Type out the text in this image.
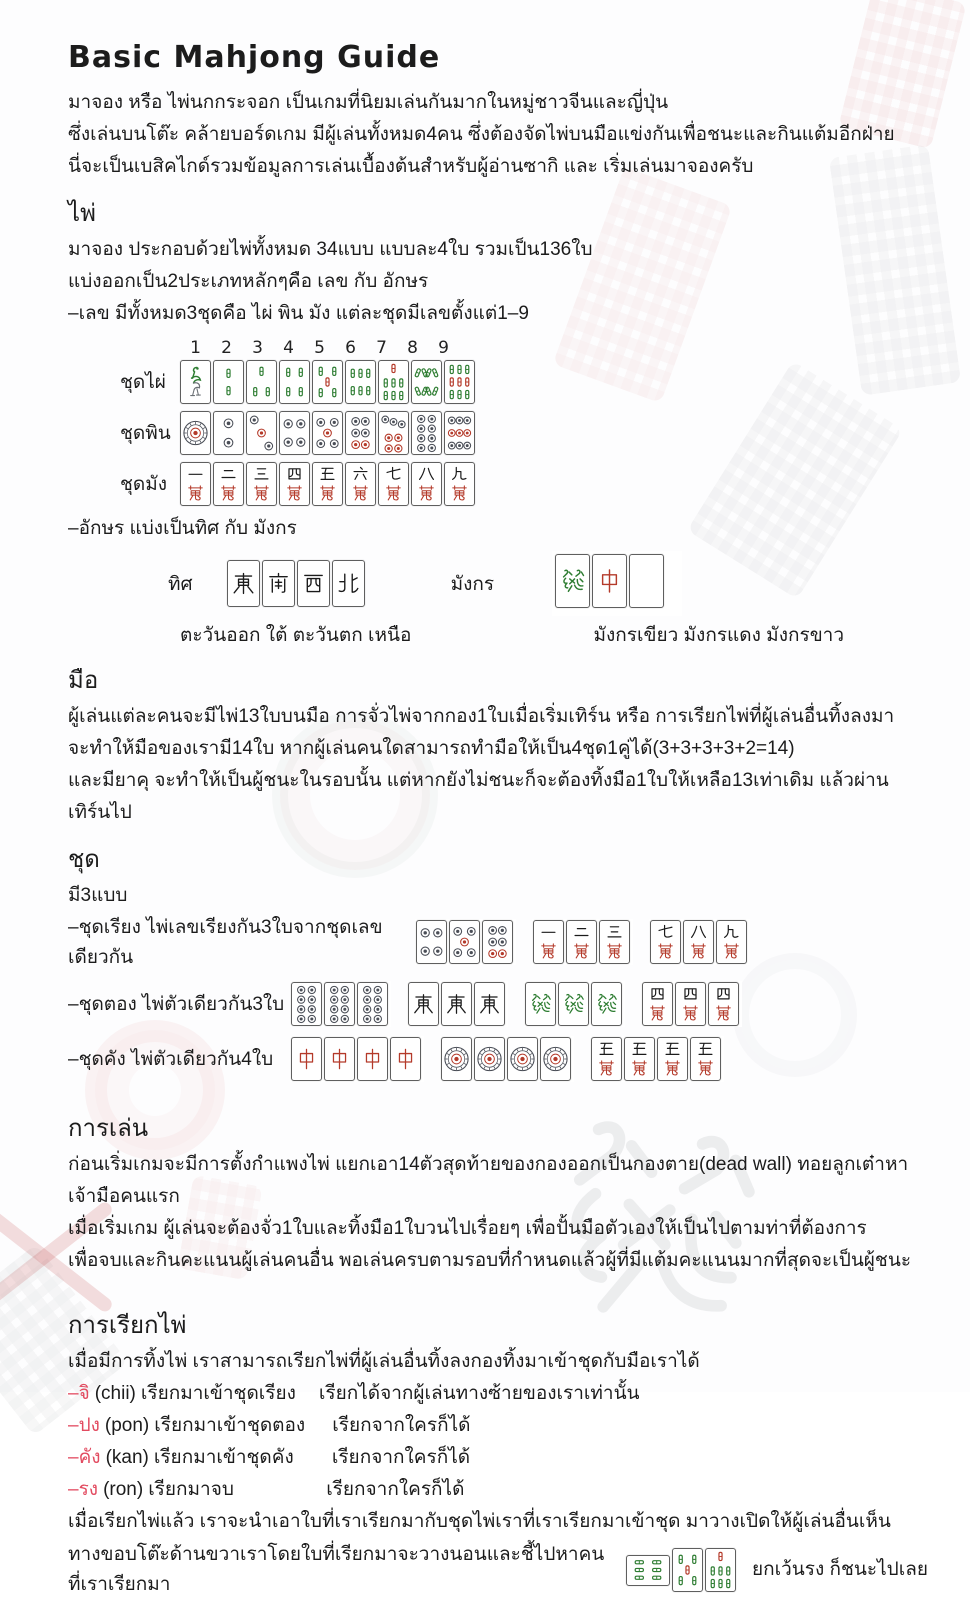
Basic Mahjong Guide

มาจอง หรือ ไพ่นกกระจอก เป็นเกมที่นิยมเล่นกันมากในหมู่ชาวจีนและญี่ปุ่น

ซึ่งเล่นบนโต๊ะ คล้ายบอร์ดเกม มีผู้เล่นทั้งหมด4คน ซึ่งต้องจัดไพ่บนมือแข่งกันเพื่อชนะและกินแต้มอีกฝ่าย

นี่จะเป็นเบสิคไกด์รวมข้อมูลการเล่นเบื้องต้นสำหรับผู้อ่านซากิ และ เริ่มเล่นมาจองครับ

ไพ่

มาจอง ประกอบด้วยไพ่ทั้งหมด 34แบบ แบบละ4ใบ รวมเป็น136ใบ

แบ่งออกเป็น2ประเภทหลักๆคือ เลข กับ อักษร

–เลข มีทั้งหมด3ชุดคือ ไผ่ พิน มัง แต่ละชุดมีเลขตั้งแต่1–9

1	2	3	4	5	6	7	8	9
ชุดไผ่
ชุดพิน
ชุดมัง

–อักษร แบ่งเป็นทิศ กับ มังกร

ทิศ	มังกร
ตะวันออก ใต้ ตะวันตก เหนือ	มังกรเขียว มังกรแดง มังกรขาว
มือ

ผู้เล่นแต่ละคนจะมีไพ่13ใบบนมือ การจั่วไพ่จากกอง1ใบเมื่อเริ่มเทิร์น หรือ การเรียกไพ่ที่ผู้เล่นอื่นทิ้งลงมา

จะทำให้มือของเรามี14ใบ หากผู้เล่นคนใดสามารถทำมือให้เป็น4ชุด1คู่ได้(3+3+3+3+2=14)

และมียาคุ จะทำให้เป็นผู้ชนะในรอบนั้น แต่หากยังไม่ชนะก็จะต้องทิ้งมือ1ใบให้เหลือ13เท่าเดิม แล้วผ่านเทิร์นไป

ชุด

มี3แบบ

–ชุดเรียง ไพ่เลขเรียงกัน3ใบจากชุดเลขเดียวกัน
–ชุดตอง ไพ่ตัวเดียวกัน3ใบ
–ชุดคัง ไพ่ตัวเดียวกัน4ใบ
การเล่น

ก่อนเริ่มเกมจะมีการตั้งกำแพงไพ่ แยกเอา14ตัวสุดท้ายของกองออกเป็นกองตาย(dead wall) ทอยลูกเต๋าหาเจ้ามือคนแรก

เมื่อเริ่มเกม ผู้เล่นจะต้องจั่ว1ใบและทิ้งมือ1ใบวนไปเรื่อยๆ เพื่อปั้นมือตัวเองให้เป็นไปตามท่าที่ต้องการ

เพื่อจบและกินคะแนนผู้เล่นคนอื่น พอเล่นครบตามรอบที่กำหนดแล้วผู้ที่มีแต้มคะแนนมากที่สุดจะเป็นผู้ชนะ

การเรียกไพ่

เมื่อมีการทิ้งไพ่ เราสามารถเรียกไพ่ที่ผู้เล่นอื่นทิ้งลงกองทิ้งมาเข้าชุดกับมือเราได้

–จิ (chii) เรียกมาเข้าชุดเรียง เรียกได้จากผู้เล่นทางซ้ายของเราเท่านั้น

–ปง (pon) เรียกมาเข้าชุดตอง เรียกจากใครก็ได้

–คัง (kan) เรียกมาเข้าชุดคัง เรียกจากใครก็ได้

–รง (ron) เรียกมาจบ	เรียกจากใครก็ได้

เมื่อเรียกไพ่แล้ว เราจะนำเอาใบที่เราเรียกมากับชุดไพ่เราที่เราเรียกมาเข้าชุด มาวางเปิดให้ผู้เล่นอื่นเห็น

ทางขอบโต๊ะด้านขวาเราโดยใบที่เรียกมาจะวางนอนและชี้ไปหาคนที่เราเรียกมา
ยกเว้นรง ก็ชนะไปเลย
